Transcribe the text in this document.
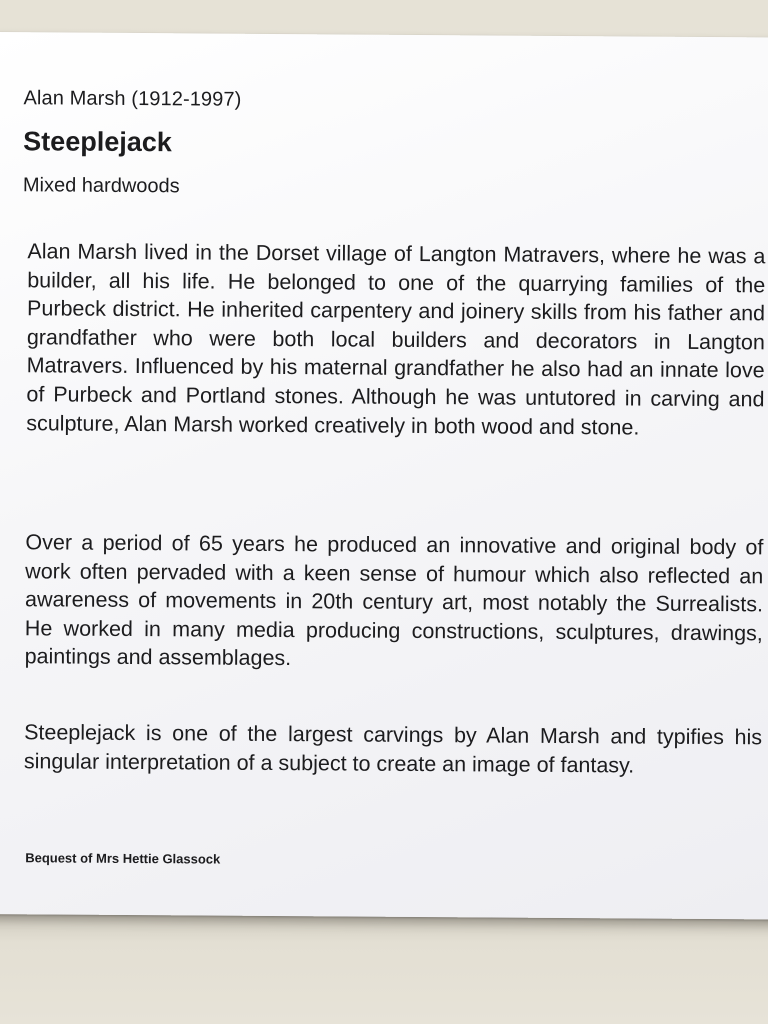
Alan Marsh (1912-1997)
Steeplejack
Mixed hardwoods

Alan Marsh lived in the Dorset village of Langton Matravers, where he was a builder, all his life. He belonged to one of the quarrying families of the Purbeck district. He inherited carpentery and joinery skills from his father and grandfather who were both local builders and decorators in Langton Matravers. Influenced by his maternal grandfather he also had an innate love of Purbeck and Portland stones. Although he was untutored in carving and sculpture, Alan Marsh worked creatively in both wood and stone.

Over a period of 65 years he produced an innovative and original body of work often pervaded with a keen sense of humour which also reflected an awareness of movements in 20th century art, most notably the Surrealists. He worked in many media producing constructions, sculptures, drawings, paintings and assemblages.

Steeplejack is one of the largest carvings by Alan Marsh and typifies his singular interpretation of a subject to create an image of fantasy.

Bequest of Mrs Hettie Glassock
